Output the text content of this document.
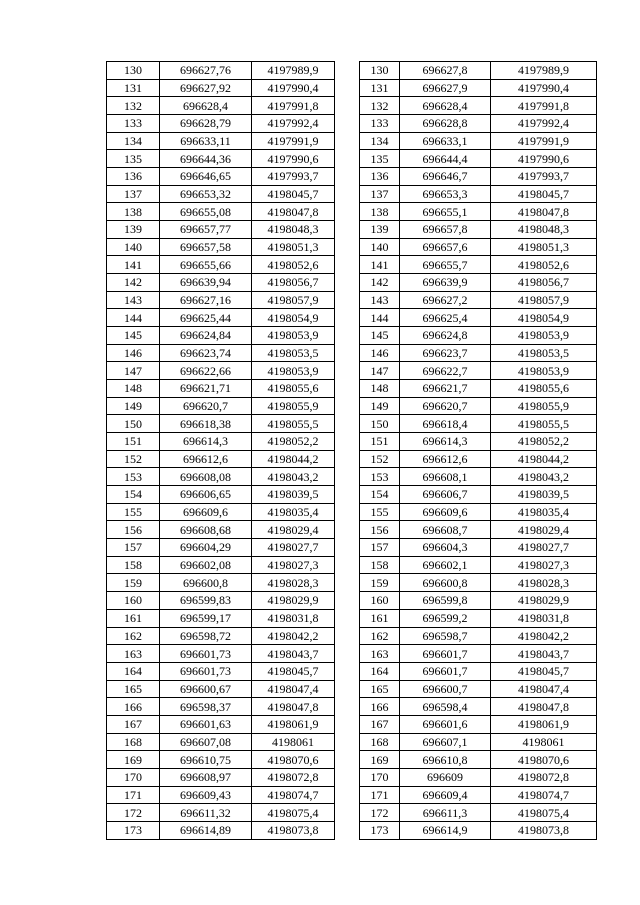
130	696627,76	4197989,9		130	696627,8	4197989,9
131	696627,92	4197990,4		131	696627,9	4197990,4
132	696628,4	4197991,8		132	696628,4	4197991,8
133	696628,79	4197992,4		133	696628,8	4197992,4
134	696633,11	4197991,9		134	696633,1	4197991,9
135	696644,36	4197990,6		135	696644,4	4197990,6
136	696646,65	4197993,7		136	696646,7	4197993,7
137	696653,32	4198045,7		137	696653,3	4198045,7
138	696655,08	4198047,8		138	696655,1	4198047,8
139	696657,77	4198048,3		139	696657,8	4198048,3
140	696657,58	4198051,3		140	696657,6	4198051,3
141	696655,66	4198052,6		141	696655,7	4198052,6
142	696639,94	4198056,7		142	696639,9	4198056,7
143	696627,16	4198057,9		143	696627,2	4198057,9
144	696625,44	4198054,9		144	696625,4	4198054,9
145	696624,84	4198053,9		145	696624,8	4198053,9
146	696623,74	4198053,5		146	696623,7	4198053,5
147	696622,66	4198053,9		147	696622,7	4198053,9
148	696621,71	4198055,6		148	696621,7	4198055,6
149	696620,7	4198055,9		149	696620,7	4198055,9
150	696618,38	4198055,5		150	696618,4	4198055,5
151	696614,3	4198052,2		151	696614,3	4198052,2
152	696612,6	4198044,2		152	696612,6	4198044,2
153	696608,08	4198043,2		153	696608,1	4198043,2
154	696606,65	4198039,5		154	696606,7	4198039,5
155	696609,6	4198035,4		155	696609,6	4198035,4
156	696608,68	4198029,4		156	696608,7	4198029,4
157	696604,29	4198027,7		157	696604,3	4198027,7
158	696602,08	4198027,3		158	696602,1	4198027,3
159	696600,8	4198028,3		159	696600,8	4198028,3
160	696599,83	4198029,9		160	696599,8	4198029,9
161	696599,17	4198031,8		161	696599,2	4198031,8
162	696598,72	4198042,2		162	696598,7	4198042,2
163	696601,73	4198043,7		163	696601,7	4198043,7
164	696601,73	4198045,7		164	696601,7	4198045,7
165	696600,67	4198047,4		165	696600,7	4198047,4
166	696598,37	4198047,8		166	696598,4	4198047,8
167	696601,63	4198061,9		167	696601,6	4198061,9
168	696607,08	4198061		168	696607,1	4198061
169	696610,75	4198070,6		169	696610,8	4198070,6
170	696608,97	4198072,8		170	696609	4198072,8
171	696609,43	4198074,7		171	696609,4	4198074,7
172	696611,32	4198075,4		172	696611,3	4198075,4
173	696614,89	4198073,8		173	696614,9	4198073,8
